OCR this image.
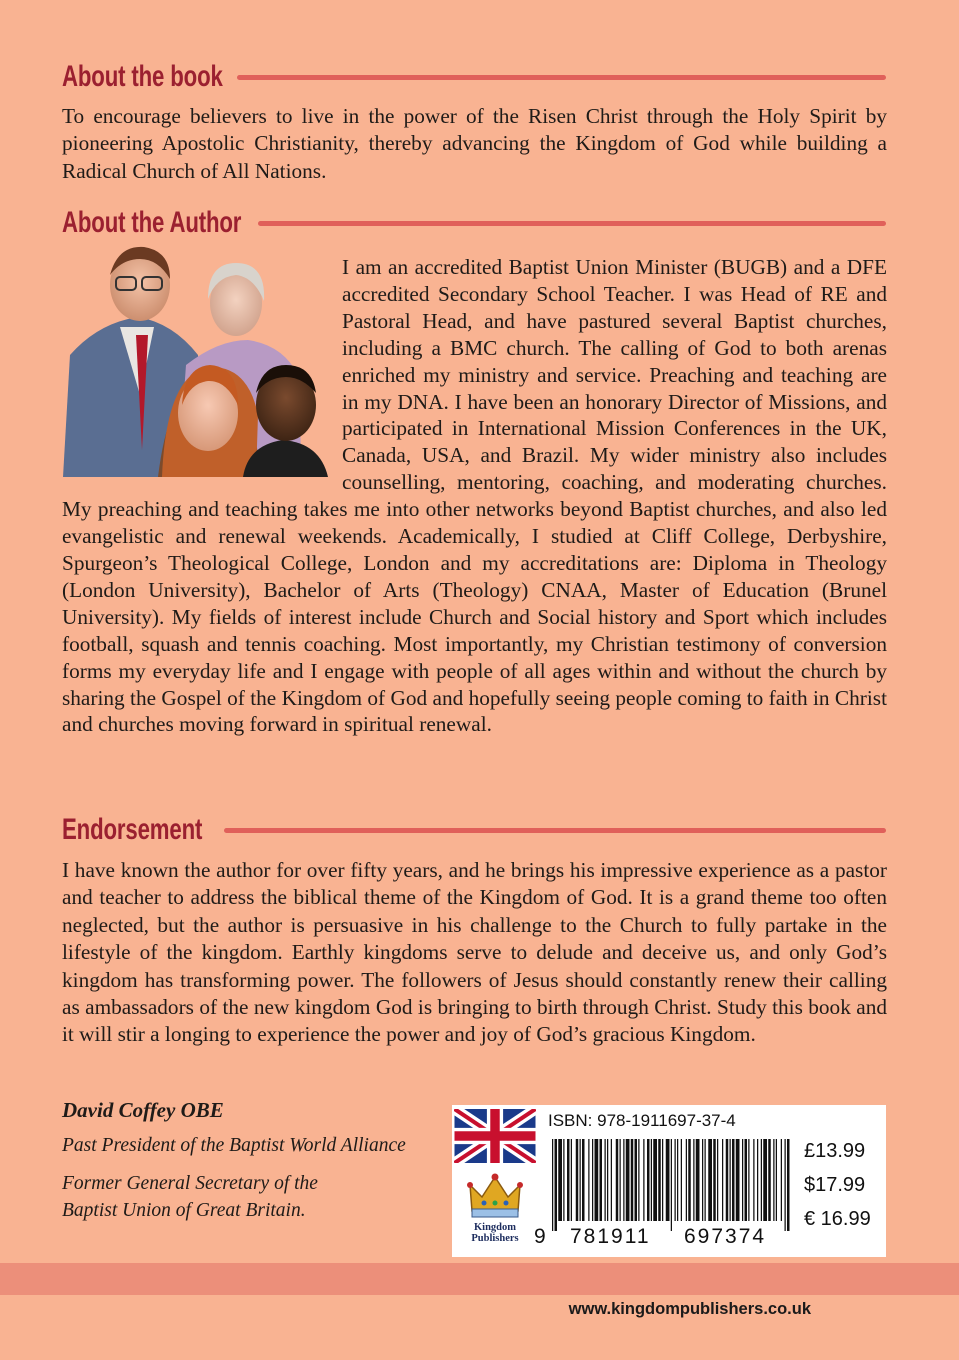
About the book

To encourage believers to live in the power of the Risen Christ through the Holy Spirit by pioneering Apostolic Christianity, thereby advancing the Kingdom of God while building a Radical Church of All Nations.

About the Author

I am an accredited Baptist Union Minister (BUGB) and a DFE accredited Secondary School Teacher. I was Head of RE and Pastoral Head, and have pastured several Baptist churches, including a BMC church. The calling of God to both arenas enriched my ministry and service. Preaching and teaching are in my DNA. I have been an honorary Director of Missions, and participated in International Mission Conferences in the UK, Canada, USA, and Brazil. My wider ministry also includes counselling, mentoring, coaching, and moderating churches. My preaching and teaching takes me into other networks beyond Baptist churches, and also led evangelistic and renewal weekends. Academically, I studied at Cliff College, Derbyshire, Spurgeon’s Theological College, London and my accreditations are: Diploma in Theology (London University), Bachelor of Arts (Theology) CNAA, Master of Education (Brunel University). My fields of interest include Church and Social history and Sport which includes football, squash and tennis coaching. Most importantly, my Christian testimony of conversion forms my everyday life and I engage with people of all ages within and without the church by sharing the Gospel of the Kingdom of God and hopefully seeing people coming to faith in Christ and churches moving forward in spiritual renewal.

Endorsement

I have known the author for over fifty years, and he brings his impressive experience as a pastor and teacher to address the biblical theme of the Kingdom of God. It is a grand theme too often neglected, but the author is persuasive in his challenge to the Church to fully partake in the lifestyle of the kingdom. Earthly kingdoms serve to delude and deceive us, and only God’s kingdom has transforming power. The followers of Jesus should constantly renew their calling as ambassadors of the new kingdom God is bringing to birth through Christ. Study this book and it will stir a longing to experience the power and joy of God’s gracious Kingdom.

David Coffey OBE

Past President of the Baptist World Alliance

Former General Secretary of the

Baptist Union of Great Britain.

Kingdom
Publishers
ISBN: 978-1911697-37-4
9 781911 697374
£13.99
$17.99
€ 16.99
www.kingdompublishers.co.uk
